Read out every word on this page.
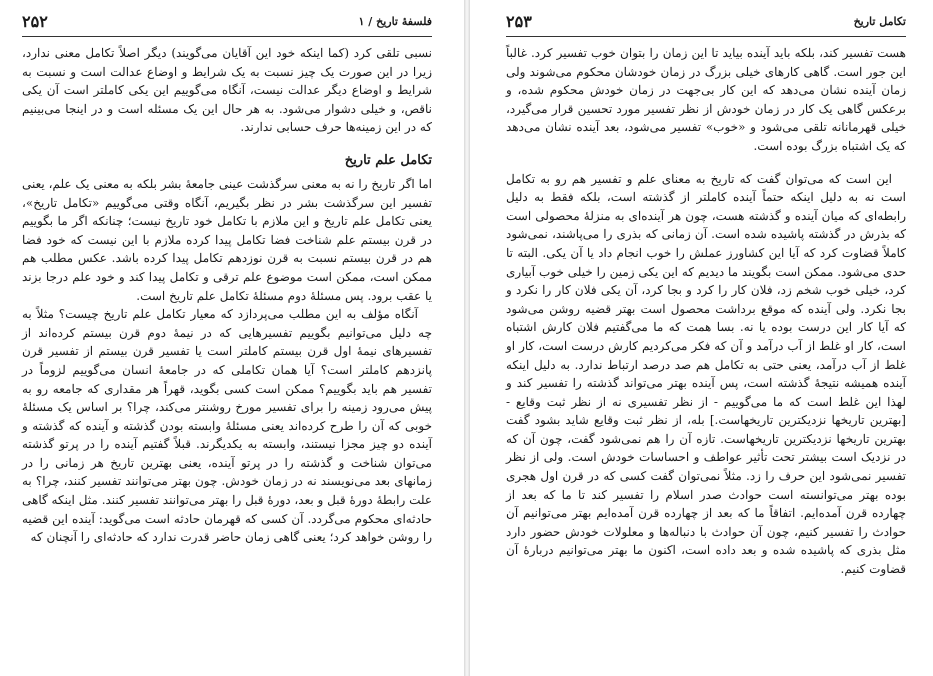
فلسفهٔ تاریخ / ۱
۲۵۲

نسبی تلقی کرد (کما اینکه خود این آقایان می‌گویند) دیگر اصلاً تکامل معنی ندارد، زیرا در این صورت یک چیز نسبت به یک شرایط و اوضاع عدالت است و نسبت به شرایط و اوضاع دیگر عدالت نیست، آنگاه می‌گوییم این یکی کاملتر است آن یکی ناقص، و خیلی دشوار می‌شود. به هر حال این یک مسئله است و در اینجا می‌بینیم که در این زمینه‌ها حرف حسابی ندارند.

تکامل علم تاریخ

اما اگر تاریخ را نه به معنی سرگذشت عینی جامعهٔ بشر بلکه به معنی یک علم، یعنی تفسیر این سرگذشت بشر در نظر بگیریم، آنگاه وقتی می‌گوییم «تکامل تاریخ»، یعنی تکامل علم تاریخ و این ملازم با تکامل خود تاریخ نیست؛ چنانکه اگر ما بگوییم در قرن بیستم علم شناخت فضا تکامل پیدا کرده ملازم با این نیست که خود فضا هم در قرن بیستم نسبت به قرن نوزدهم تکامل پیدا کرده باشد. عکس مطلب هم ممکن است، ممکن است موضوع علم ترقی و تکامل پیدا کند و خود علم درجا بزند یا عقب برود. پس مسئلهٔ دوم مسئلهٔ تکامل علم تاریخ است.

آنگاه مؤلف به این مطلب می‌پردازد که معیار تکامل علم تاریخ چیست؟ مثلاً به چه دلیل می‌توانیم بگوییم تفسیرهایی که در نیمهٔ دوم قرن بیستم کرده‌اند از تفسیرهای نیمهٔ اول قرن بیستم کاملتر است یا تفسیر قرن بیستم از تفسیر قرن پانزدهم کاملتر است؟ آیا همان تکاملی که در جامعهٔ انسان می‌گوییم لزوماً در تفسیر هم باید بگوییم؟ ممکن است کسی بگوید، قهراً هر مقداری که جامعه رو به پیش می‌رود زمینه را برای تفسیر مورخ روشنتر می‌کند، چرا؟ بر اساس یک مسئلهٔ خوبی که آن را طرح کرده‌اند یعنی مسئلهٔ وابسته بودن گذشته و آینده که گذشته و آینده دو چیز مجزا نیستند، وابسته به یکدیگرند. قبلاً گفتیم آینده را در پرتو گذشته می‌توان شناخت و گذشته را در پرتو آینده، یعنی بهترین تاریخ هر زمانی را در زمانهای بعد می‌نویسند نه در زمان خودش. چون بهتر می‌توانند تفسیر کنند، چرا؟ به علت رابطهٔ دورهٔ قبل و بعد، دورهٔ قبل را بهتر می‌توانند تفسیر کنند. مثل اینکه گاهی حادثه‌ای محکوم می‌گردد. آن کسی که قهرمان حادثه است می‌گوید: آینده این قضیه را روشن خواهد کرد؛ یعنی گاهی زمان حاضر قدرت ندارد که حادثه‌ای را آنچنان که

تکامل تاریخ
۲۵۳

هست تفسیر کند، بلکه باید آینده بیاید تا این زمان را بتوان خوب تفسیر کرد. غالباً این جور است. گاهی کارهای خیلی بزرگ در زمان خودشان محکوم می‌شوند ولی زمان آینده نشان می‌دهد که این کار بی‌جهت در زمان خودش محکوم شده، و برعکس گاهی یک کار در زمان خودش از نظر تفسیر مورد تحسین قرار می‌گیرد، خیلی قهرمانانه تلقی می‌شود و «خوب» تفسیر می‌شود، بعد آینده نشان می‌دهد که یک اشتباه بزرگ بوده است.

این است که می‌توان گفت که تاریخ به معنای علم و تفسیر هم رو به تکامل است نه به دلیل اینکه حتماً آینده کاملتر از گذشته است، بلکه فقط به دلیل رابطه‌ای که میان آینده و گذشته هست، چون هر آینده‌ای به منزلهٔ محصولی است که بذرش در گذشته پاشیده شده است. آن زمانی که بذری را می‌پاشند، نمی‌شود کاملاً قضاوت کرد که آیا این کشاورز عملش را خوب انجام داد یا آن یکی. البته تا حدی می‌شود. ممکن است بگویند ما دیدیم که این یکی زمین را خیلی خوب آبیاری کرد، خیلی خوب شخم زد، فلان کار را کرد و بجا کرد، آن یکی فلان کار را نکرد و بجا نکرد. ولی آینده که موقع برداشت محصول است بهتر قضیه روشن می‌شود که آیا کار این درست بوده یا نه. بسا همت که ما می‌گفتیم فلان کارش اشتباه است، کار او غلط از آب درآمد و آن که فکر می‌کردیم کارش درست است، کار او غلط از آب درآمد، یعنی حتی به تکامل هم صد درصد ارتباط ندارد. به دلیل اینکه آینده همیشه نتیجهٔ گذشته است، پس آینده بهتر می‌تواند گذشته را تفسیر کند و لهذا این غلط است که ما می‌گوییم - از نظر تفسیری نه از نظر ثبت وقایع - [بهترین تاریخها نزدیکترین تاریخهاست.] بله، از نظر ثبت وقایع شاید بشود گفت بهترین تاریخها نزدیکترین تاریخهاست. تازه آن را هم نمی‌شود گفت، چون آن که در نزدیک است بیشتر تحت تأثیر عواطف و احساسات خودش است. ولی از نظر تفسیر نمی‌شود این حرف را زد. مثلاً نمی‌توان گفت کسی که در قرن اول هجری بوده بهتر می‌توانسته است حوادث صدر اسلام را تفسیر کند تا ما که بعد از چهارده قرن آمده‌ایم. اتفاقاً ما که بعد از چهارده قرن آمده‌ایم بهتر می‌توانیم آن حوادث را تفسیر کنیم، چون آن حوادث با دنباله‌ها و معلولات خودش حضور دارد مثل بذری که پاشیده شده و بعد داده است، اکنون ما بهتر می‌توانیم دربارهٔ آن قضاوت کنیم.
